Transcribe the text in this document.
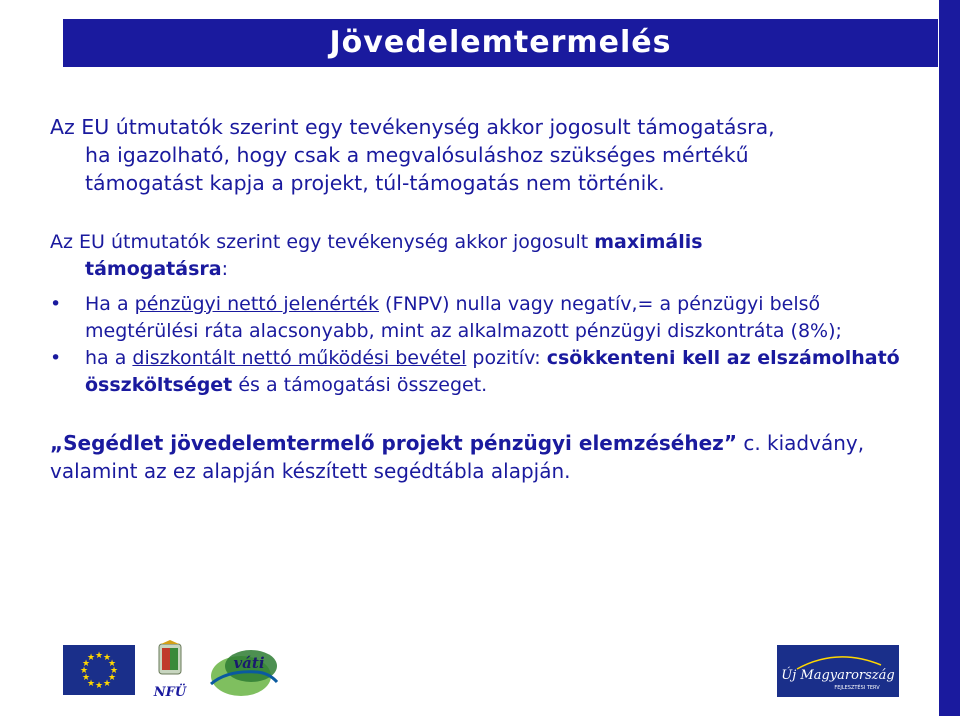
Jövedelemtermelés
Az EU útmutatók szerint egy tevékenység akkor jogosult támogatásra,
ha igazolható, hogy csak a megvalósuláshoz szükséges mértékű
támogatást kapja a projekt, túl-támogatás nem történik.
Az EU útmutatók szerint egy tevékenység akkor jogosult maximális
támogatásra:
• Ha a pénzügyi nettó jelenérték (FNPV) nulla vagy negatív,= a pénzügyi belső megtérülési ráta alacsonyabb, mint az alkalmazott pénzügyi diszkontráta (8%);
• ha a diszkontált nettó működési bevétel pozitív: csökkenteni kell az elszámolható összköltséget és a támogatási összeget.
„Segédlet jövedelemtermelő projekt pénzügyi elemzéséhez” c. kiadvány, valamint az ez alapján készített segédtábla alapján.
★ ★
★
★
★
★
★
★
★
★
★
★
NFÜ
váti
Új Magyarország
FEJLESZTÉSI TERV
